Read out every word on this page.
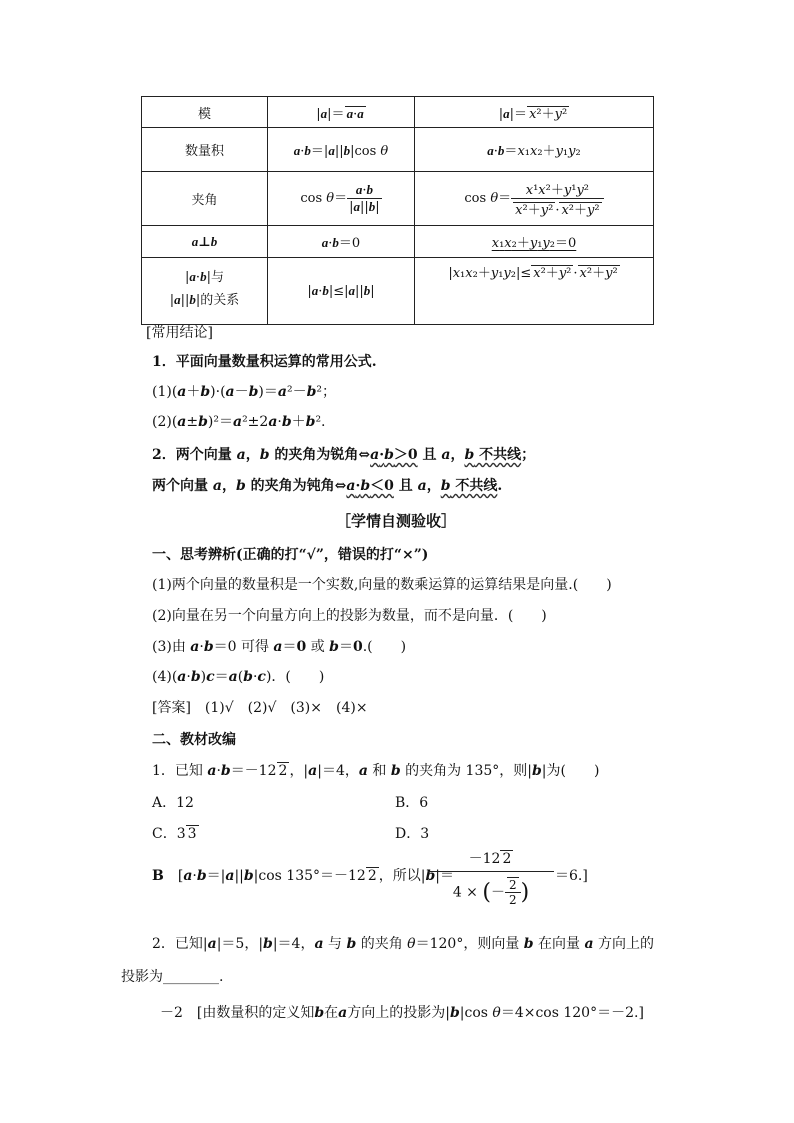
模	|a|＝ a·a	|a|＝ x²＋y²
数量积	a·b＝|a||b|cos θ	a·b＝x₁x₂＋y₁y₂
夹角	$\cos \theta= \frac{a\cdot b}{|a||b|}$	$\cos \theta= \frac{\text{x¹x²＋y¹y²}}{\text{x²＋y² · x²＋y²}}$

a⊥b	a·b＝0	x₁x₂＋y₁y₂＝0
|a·b|与
|a||b|的关系	|a·b|≤|a||b|	|x₁x₂＋y₁y₂|≤ x²＋y² · x²＋y²
[常用结论]
1．平面向量数量积运算的常用公式.
(1)(a＋b)·(a－b)＝a²－b²；
(2)(a±b)²＝a²±2a·b＋b².
2．两个向量 a，b 的夹角为锐角⇔a·b＞0 且 a，b 不共线；
两个向量 a，b 的夹角为钝角⇔a·b＜0 且 a，b 不共线.
［学情自测验收］
一、思考辨析(正确的打“√”，错误的打“×”)
(1)两个向量的数量积是一个实数,向量的数乘运算的运算结果是向量.(　　)
(2)向量在另一个向量方向上的投影为数量，而不是向量．(　　)
(3)由 a·b＝0 可得 a＝0 或 b＝0.(　　)
(4)(a·b)c＝a(b·c)．(　　)
[答案]　(1)√　(2)√　(3)×　(4)×
二、教材改编
1．已知 a·b＝－12 2 ，|a|＝4，a 和 b 的夹角为 135°，则|b|为(　　)
A．12	B．6
C．3 3	D．3
B　[a·b＝|a||b|cos 135°＝－12 2 ，所以|b|＝
－12 2
4 × (－ $\frac{2}{2}$ )
＝6.]
2．已知|a|＝5，|b|＝4，a 与 b 的夹角 θ＝120°，则向量 b 在向量 a 方向上的
投影为________.
－2　[由数量积的定义知b在a方向上的投影为|b|cos θ＝4×cos 120°＝－2.]
